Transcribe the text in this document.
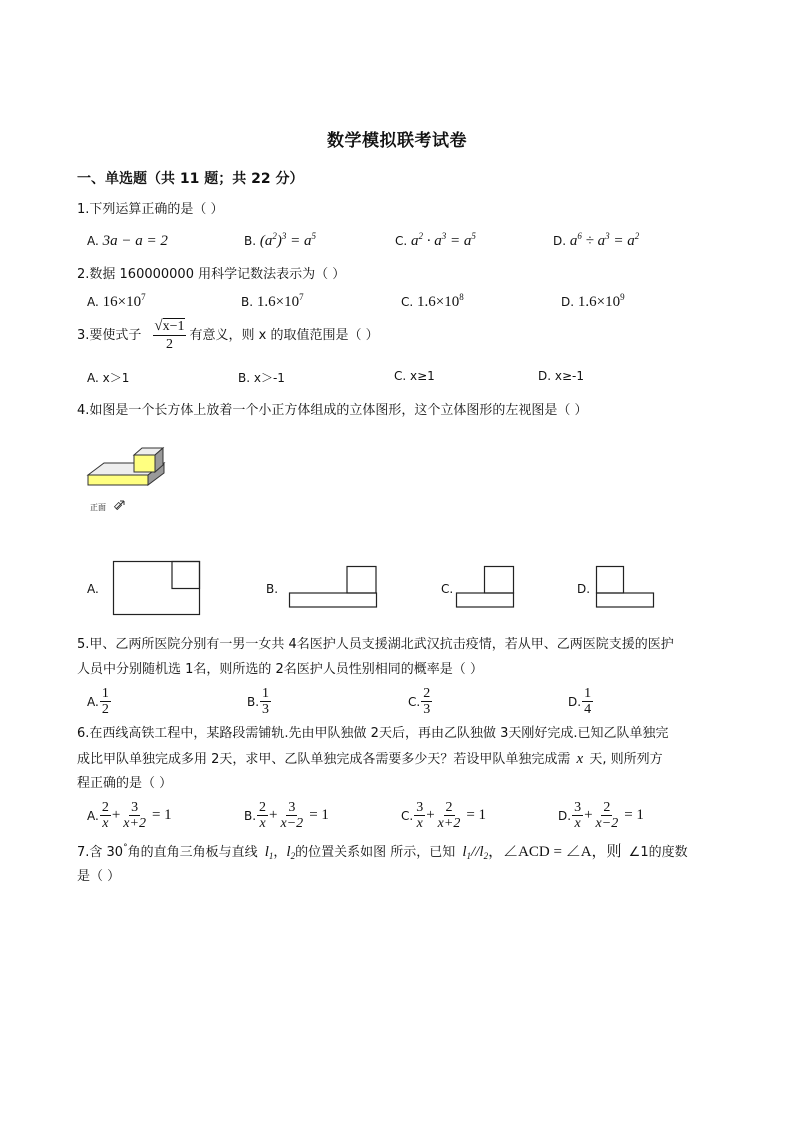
数学模拟联考试卷
一、单选题（共 11 题；共 22 分）
1.下列运算正确的是（ ）
A. 3a − a = 2	B. $(a^2)^3 = a^5$	C. $a^2 \cdot a^3 = a^5$	D. $a^6 \div a^3 = a^2$
2.数据 160000000 用科学记数法表示为（ ）
A. $16\times 10^7$	B. $1.6\times 10^7$	C. $1.6\times 10^8$	D. $1.6\times 10^9$
3.要使式子
√x−1
2
有意义，则 x 的取值范围是（ ）
A. x＞1	B. x＞-1	C. x≥1	D. x≥-1
4.如图是一个长方体上放着一个小正方体组成的立体图形，这个立体图形的左视图是（ ）
正面
A.	B.	C.	D.
5.甲、乙两所医院分别有一男一女共 4名医护人员支援湖北武汉抗击疫情，若从甲、乙两医院支援的医护
人员中分别随机选 1名，则所选的 2名医护人员性别相同的概率是（ ）
A. $\frac{1}{2}$	B. $\frac{1}{3}$	C. $\frac{2}{3}$	D. $\frac{1}{4}$
6.在西线高铁工程中，某路段需铺轨.先由甲队独做 2天后，再由乙队独做 3天刚好完成.已知乙队单独完
成比甲队单独完成多用 2天，求甲、乙队单独完成各需要多少天？若设甲队单独完成需 x 天, 则所列方
程正确的是（ ）
A. $\frac{2}{x} + \frac{3}{x+2} = 1$	B. $\frac{2}{x} + \frac{3}{x-2} = 1$	C. $\frac{3}{x} + \frac{2}{x+2} = 1$	D. $\frac{3}{x} + \frac{2}{x-2} = 1$
7.含 30°角的直角三角板与直线 $l_1$，$l_2$的位置关系如图 所示，已知 $l_1//l_2$，∠ACD = ∠A，则 ∠1的度数
是（ ）
